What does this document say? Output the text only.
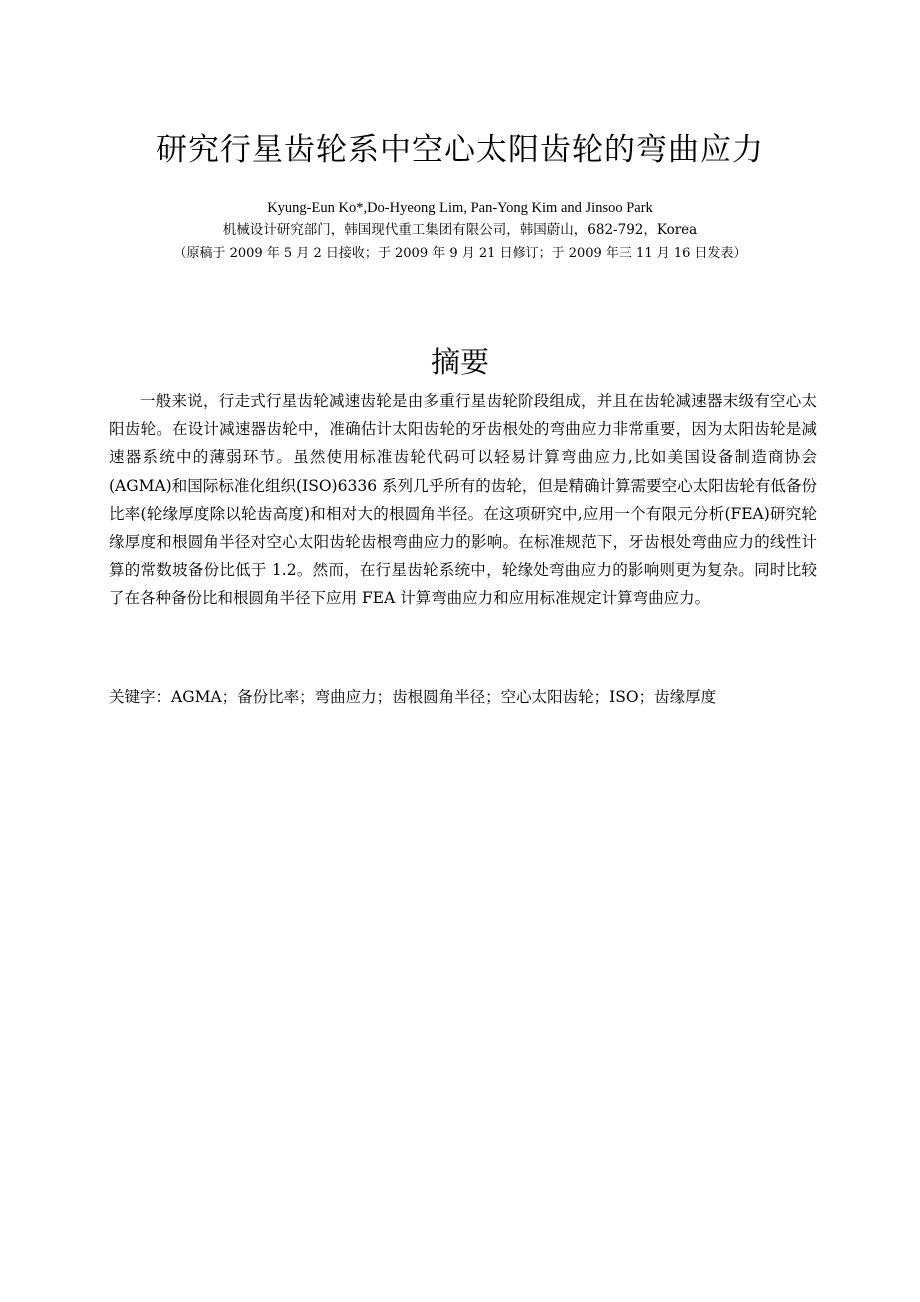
研究行星齿轮系中空心太阳齿轮的弯曲应力
Kyung-Eun Ko*,Do-Hyeong Lim, Pan-Yong Kim and Jinsoo Park
机械设计研究部门，韩国现代重工集团有限公司，韩国蔚山，682-792，Korea
（原稿于 2009 年 5 月 2 日接收；于 2009 年 9 月 21 日修订；于 2009 年三 11 月 16 日发表）
摘要

一般来说，行走式行星齿轮减速齿轮是由多重行星齿轮阶段组成，并且在齿轮减速器末级有空心太阳齿轮。在设计减速器齿轮中，准确估计太阳齿轮的牙齿根处的弯曲应力非常重要，因为太阳齿轮是减速器系统中的薄弱环节。虽然使用标准齿轮代码可以轻易计算弯曲应力,比如美国设备制造商协会(AGMA)和国际标准化组织(ISO)6336 系列几乎所有的齿轮，但是精确计算需要空心太阳齿轮有低备份比率(轮缘厚度除以轮齿高度)和相对大的根圆角半径。在这项研究中,应用一个有限元分析(FEA)研究轮缘厚度和根圆角半径对空心太阳齿轮齿根弯曲应力的影响。在标准规范下，牙齿根处弯曲应力的线性计算的常数坡备份比低于 1.2。然而，在行星齿轮系统中，轮缘处弯曲应力的影响则更为复杂。同时比较了在各种备份比和根圆角半径下应用 FEA 计算弯曲应力和应用标准规定计算弯曲应力。

关键字：AGMA；备份比率；弯曲应力；齿根圆角半径；空心太阳齿轮；ISO；齿缘厚度
